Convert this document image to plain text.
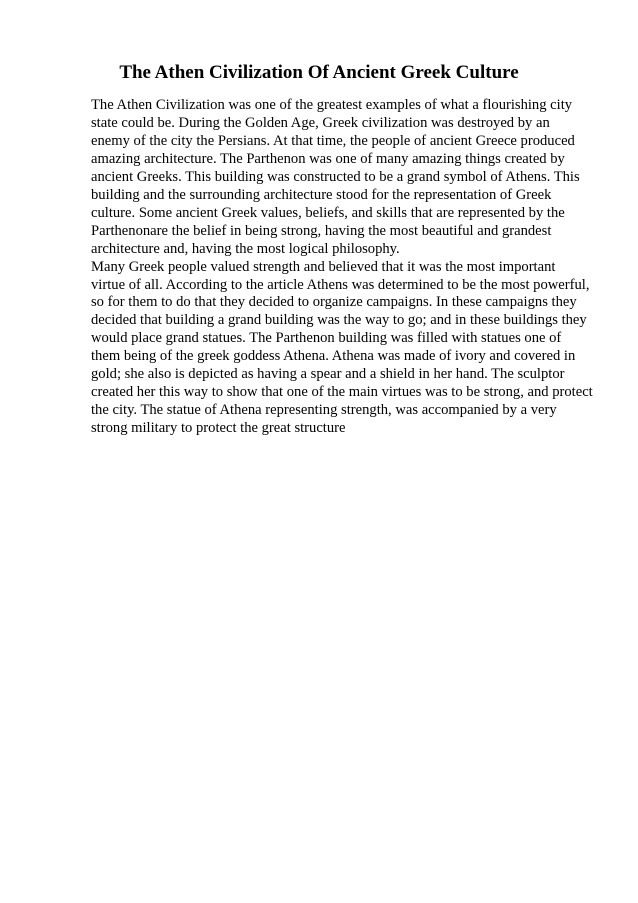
The Athen Civilization Of Ancient Greek Culture
The Athen Civilization was one of the greatest examples of what a flourishing city
state could be. During the Golden Age, Greek civilization was destroyed by an
enemy of the city the Persians. At that time, the people of ancient Greece produced
amazing architecture. The Parthenon was one of many amazing things created by
ancient Greeks. This building was constructed to be a grand symbol of Athens. This
building and the surrounding architecture stood for the representation of Greek
culture. Some ancient Greek values, beliefs, and skills that are represented by the
Parthenonare the belief in being strong, having the most beautiful and grandest
architecture and, having the most logical philosophy.
Many Greek people valued strength and believed that it was the most important
virtue of all. According to the article Athens was determined to be the most powerful,
so for them to do that they decided to organize campaigns. In these campaigns they
decided that building a grand building was the way to go; and in these buildings they
would place grand statues. The Parthenon building was filled with statues one of
them being of the greek goddess Athena. Athena was made of ivory and covered in
gold; she also is depicted as having a spear and a shield in her hand. The sculptor
created her this way to show that one of the main virtues was to be strong, and protect
the city. The statue of Athena representing strength, was accompanied by a very
strong military to protect the great structure
